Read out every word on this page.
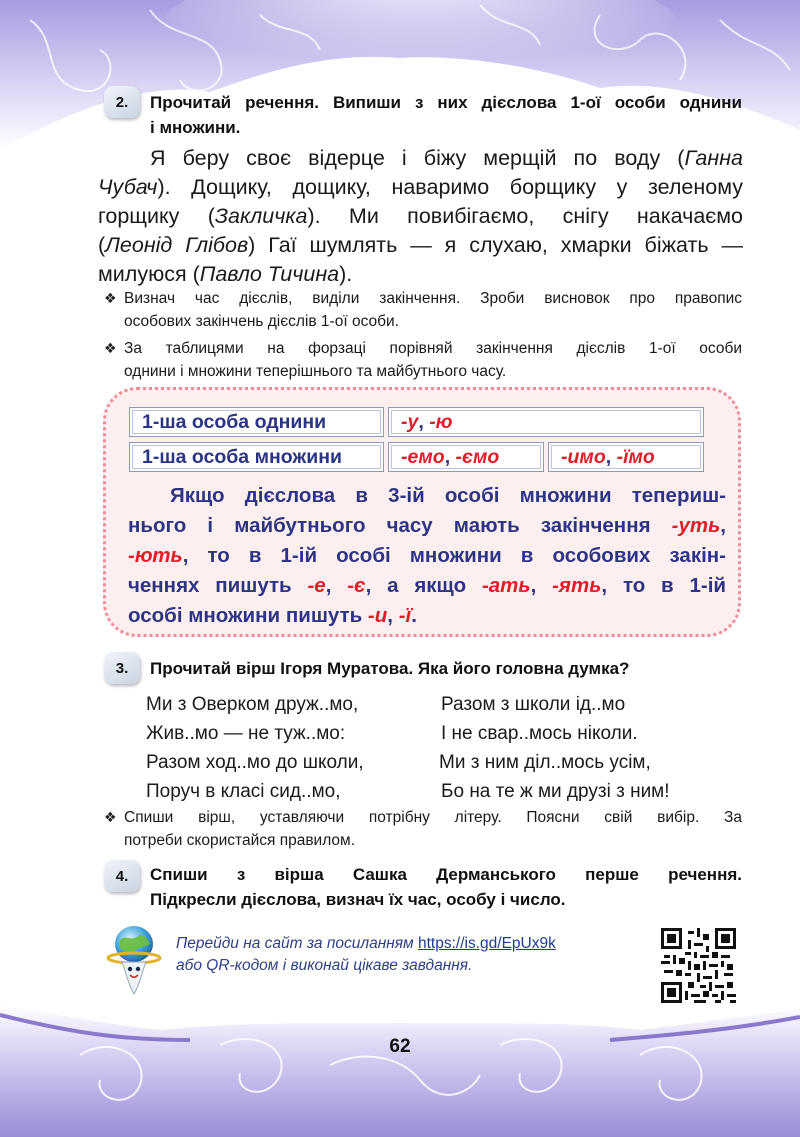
2. Прочитай речення. Випиши з них дієслова 1-ої особи однини
і множини.
Я беру своє відерце і біжу мерщій по воду (Ганна
Чубач). Дощику, дощику, наваримо борщику у зеленому
горщику (Закличка). Ми повибігаємо, снігу накачаємо
(Леонід Глібов) Гаї шумлять — я слухаю, хмарки біжать —
милуюся (Павло Тичина).
❖ Визнач час дієслів, виділи закінчення. Зроби висновок про правопис
особових закінчень дієслів 1-ої особи.
❖ За таблицями на форзаці порівняй закінчення дієслів 1-ої особи
однини і множини теперішнього та майбутнього часу.
1-ша особа однини	-у, -ю
1-ша особа множини	-емо, -ємо	-имо, -їмо
Якщо дієслова в 3-ій особі множини тепериш-
нього і майбутнього часу мають закінчення -уть,
-ють, то в 1-ій особі множини в особових закін-
ченнях пишуть -е, -є, а якщо -ать, -ять, то в 1-ій
особі множини пишуть -и, -ї.
3. Прочитай вірш Ігоря Муратова. Яка його головна думка?
Ми з Оверком друж..мо,
Жив..мо — не туж..мо:
Разом ход..мо до школи,
Поруч в класі сид..мо,
Разом з школи ід..мо
І не свар..мось ніколи.
Ми з ним діл..мось усім,
Бо на те ж ми друзі з ним!
❖ Спиши вірш, уставляючи потрібну літеру. Поясни свій вибір. За
потреби скористайся правилом.
4. Спиши з вірша Сашка Дерманського перше речення.
Підкресли дієслова, визнач їх час, особу і число.
Перейди на сайт за посиланням https://is.gd/EpUx9k
або QR-кодом і виконай цікаве завдання.
62
